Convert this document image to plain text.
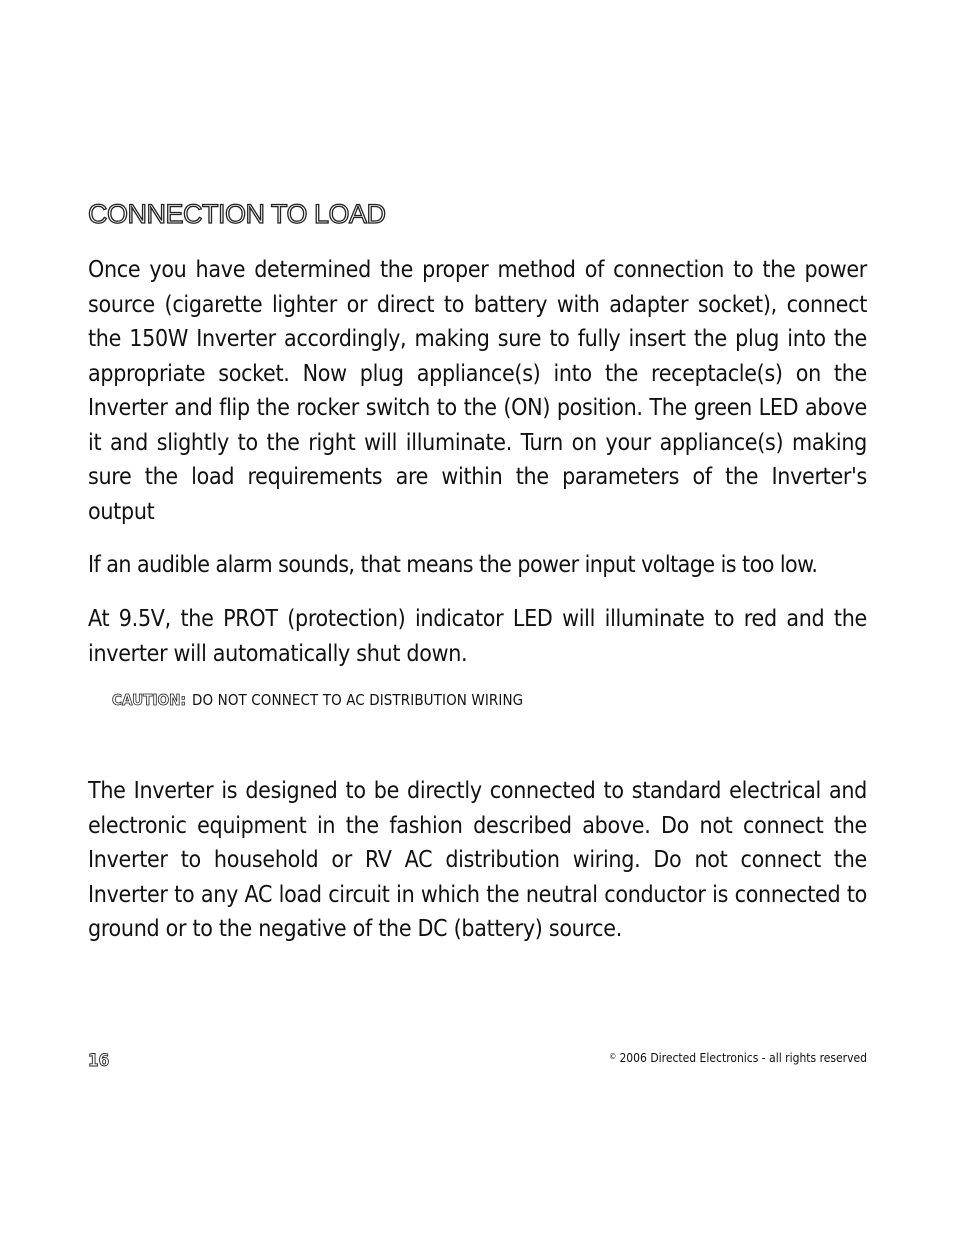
CONNECTION TO LOAD

Once you have determined the proper method of connection to the power source (cigarette lighter or direct to battery with adapter socket), connect the 150W Inverter accordingly, making sure to fully insert the plug into the appropriate socket. Now plug appliance(s) into the receptacle(s) on the Inverter and flip the rocker switch to the (ON) position. The green LED above it and slightly to the right will illuminate. Turn on your appliance(s) making sure the load requirements are within the parameters of the Inverter's output

If an audible alarm sounds, that means the power input voltage is too low.

At 9.5V, the PROT (protection) indicator LED will illuminate to red and the inverter will automatically shut down.

CAUTION: DO NOT CONNECT TO AC DISTRIBUTION WIRING

The Inverter is designed to be directly connected to standard electrical and electronic equipment in the fashion described above. Do not connect the Inverter to household or RV AC distribution wiring. Do not connect the Inverter to any AC load circuit in which the neutral conductor is connected to ground or to the negative of the DC (battery) source.

16	© 2006 Directed Electronics - all rights reserved
